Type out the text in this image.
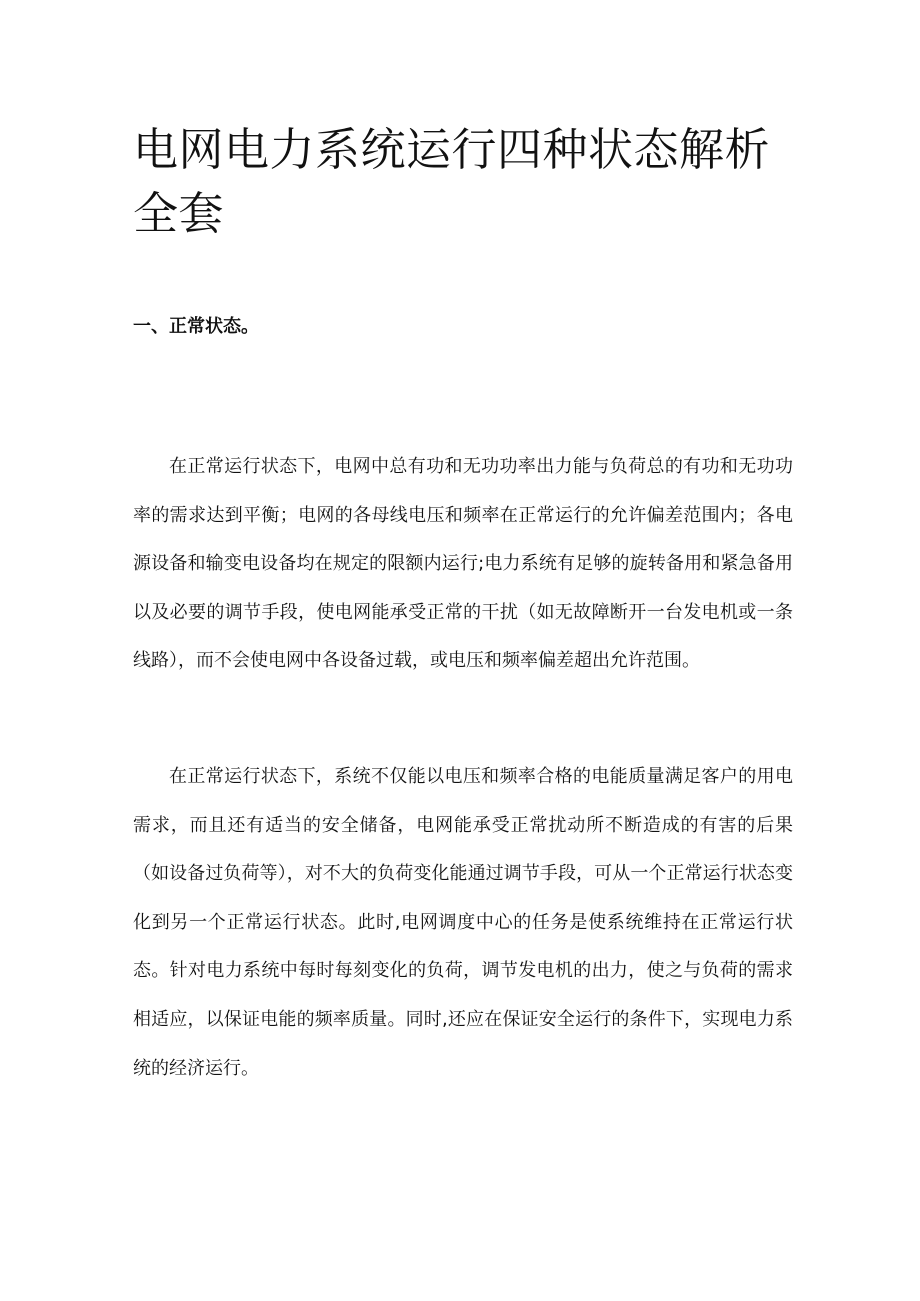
电网电力系统运行四种状态解析全套
一、正常状态。

在正常运行状态下，电网中总有功和无功功率出力能与负荷总的有功和无功功率的需求达到平衡；电网的各母线电压和频率在正常运行的允许偏差范围内；各电源设备和输变电设备均在规定的限额内运行;电力系统有足够的旋转备用和紧急备用以及必要的调节手段，使电网能承受正常的干扰（如无故障断开一台发电机或一条线路），而不会使电网中各设备过载，或电压和频率偏差超出允许范围。

在正常运行状态下，系统不仅能以电压和频率合格的电能质量满足客户的用电需求，而且还有适当的安全储备，电网能承受正常扰动所不断造成的有害的后果（如设备过负荷等），对不大的负荷变化能通过调节手段，可从一个正常运行状态变化到另一个正常运行状态。此时,电网调度中心的任务是使系统维持在正常运行状态。针对电力系统中每时每刻变化的负荷，调节发电机的出力，使之与负荷的需求相适应，以保证电能的频率质量。同时,还应在保证安全运行的条件下，实现电力系统的经济运行。
